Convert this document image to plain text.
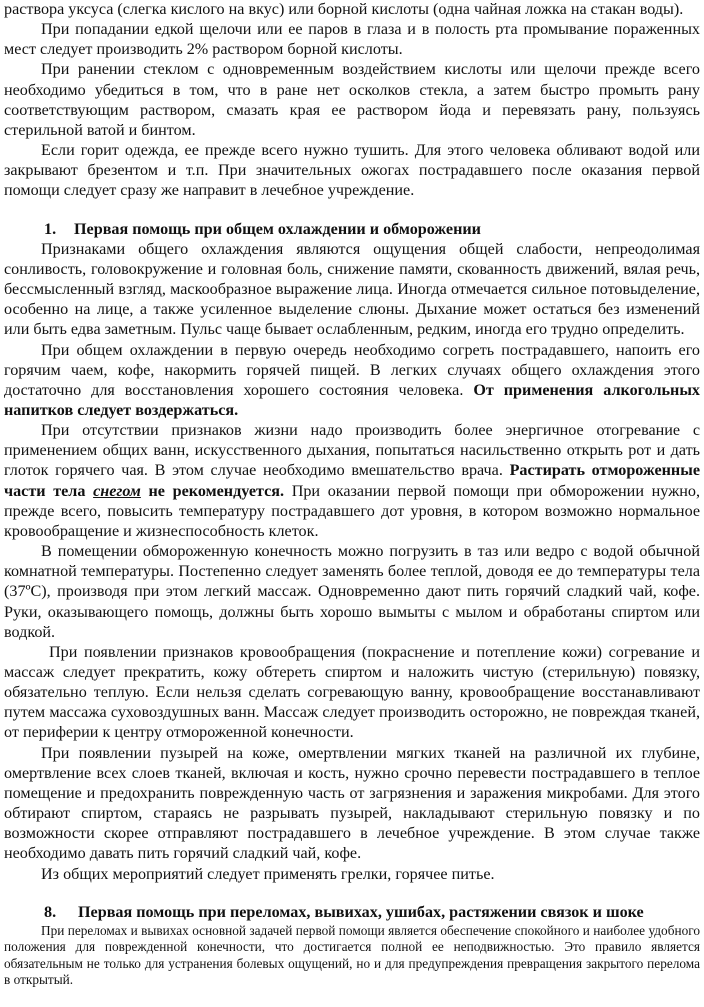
раствора уксуса (слегка кислого на вкус) или борной кислоты (одна чайная ложка на стакан воды).

При попадании едкой щелочи или ее паров в глаза и в полость рта промывание пораженных мест следует производить 2% раствором борной кислоты.

При ранении стеклом с одновременным воздействием кислоты или щелочи прежде всего необходимо убедиться в том, что в ране нет осколков стекла, а затем быстро промыть рану соответствующим раствором, смазать края ее раствором йода и перевязать рану, пользуясь стерильной ватой и бинтом.

Если горит одежда, ее прежде всего нужно тушить. Для этого человека обливают водой или закрывают брезентом и т.п. При значительных ожогах пострадавшего после оказания первой помощи следует сразу же направит в лечебное учреждение.

1. Первая помощь при общем охлаждении и обморожении

Признаками общего охлаждения являются ощущения общей слабости, непреодолимая сонливость, головокружение и головная боль, снижение памяти, скованность движений, вялая речь, бессмысленный взгляд, маскообразное выражение лица. Иногда отмечается сильное потовыделение, особенно на лице, а также усиленное выделение слюны. Дыхание может остаться без изменений или быть едва заметным. Пульс чаще бывает ослабленным, редким, иногда его трудно определить.

При общем охлаждении в первую очередь необходимо согреть пострадавшего, напоить его горячим чаем, кофе, накормить горячей пищей. В легких случаях общего охлаждения этого достаточно для восстановления хорошего состояния человека. От применения алкогольных напитков следует воздержаться.

При отсутствии признаков жизни надо производить более энергичное отогревание с применением общих ванн, искусственного дыхания, попытаться насильственно открыть рот и дать глоток горячего чая. В этом случае необходимо вмешательство врача. Растирать отмороженные части тела снегом не рекомендуется. При оказании первой помощи при обморожении нужно, прежде всего, повысить температуру пострадавшего дот уровня, в котором возможно нормальное кровообращение и жизнеспособность клеток.

В помещении обмороженную конечность можно погрузить в таз или ведро с водой обычной комнатной температуры. Постепенно следует заменять более теплой, доводя ее до температуры тела (37ºС), производя при этом легкий массаж. Одновременно дают пить горячий сладкий чай, кофе. Руки, оказывающего помощь, должны быть хорошо вымыты с мылом и обработаны спиртом или водкой.

При появлении признаков кровообращения (покраснение и потепление кожи) согревание и массаж следует прекратить, кожу обтереть спиртом и наложить чистую (стерильную) повязку, обязательно теплую. Если нельзя сделать согревающую ванну, кровообращение восстанавливают путем массажа суховоздушных ванн. Массаж следует производить осторожно, не повреждая тканей, от периферии к центру отмороженной конечности.

При появлении пузырей на коже, омертвлении мягких тканей на различной их глубине, омертвление всех слоев тканей, включая и кость, нужно срочно перевести пострадавшего в теплое помещение и предохранить поврежденную часть от загрязнения и заражения микробами. Для этого обтирают спиртом, стараясь не разрывать пузырей, накладывают стерильную повязку и по возможности скорее отправляют пострадавшего в лечебное учреждение. В этом случае также необходимо давать пить горячий сладкий чай, кофе.

Из общих мероприятий следует применять грелки, горячее питье.

8. Первая помощь при переломах, вывихах, ушибах, растяжении связок и шоке

При переломах и вывихах основной задачей первой помощи является обеспечение спокойного и наиболее удобного положения для поврежденной конечности, что достигается полной ее неподвижностью. Это правило является обязательным не только для устранения болевых ощущений, но и для предупреждения превращения закрытого перелома в открытый.
